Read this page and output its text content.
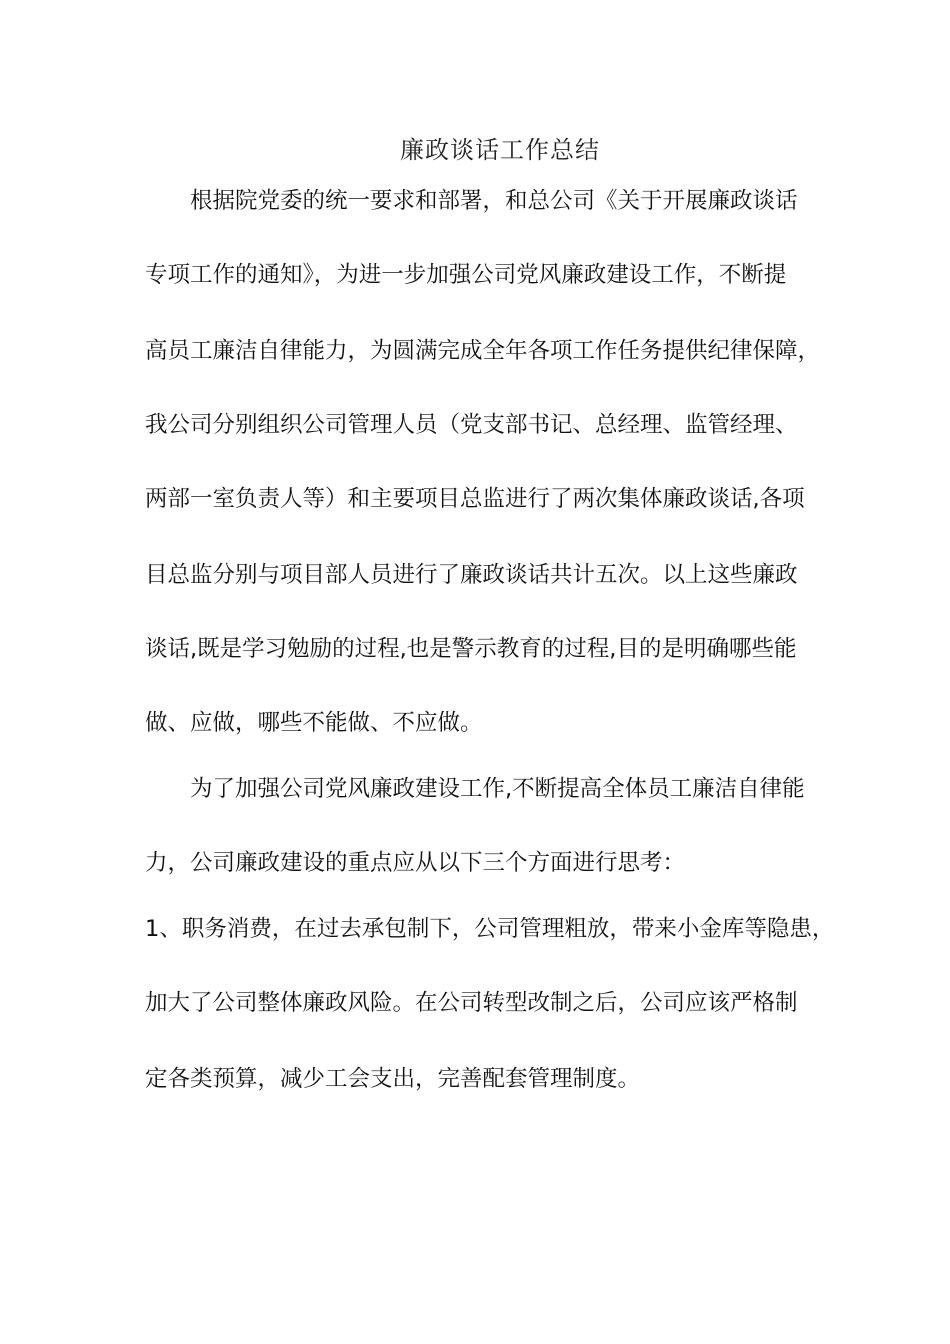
廉政谈话工作总结
根据院党委的统一要求和部署，和总公司《关于开展廉政谈话
专项工作的通知》，为进一步加强公司党风廉政建设工作，不断提
高员工廉洁自律能力，为圆满完成全年各项工作任务提供纪律保障，
我公司分别组织公司管理人员（党支部书记、总经理、监管经理、
两部一室负责人等）和主要项目总监进行了两次集体廉政谈话,各项
目总监分别与项目部人员进行了廉政谈话共计五次。以上这些廉政
谈话,既是学习勉励的过程,也是警示教育的过程,目的是明确哪些能
做、应做，哪些不能做、不应做。
为了加强公司党风廉政建设工作,不断提高全体员工廉洁自律能
力，公司廉政建设的重点应从以下三个方面进行思考：
1、职务消费，在过去承包制下，公司管理粗放，带来小金库等隐患，
加大了公司整体廉政风险。在公司转型改制之后，公司应该严格制
定各类预算，减少工会支出，完善配套管理制度。
